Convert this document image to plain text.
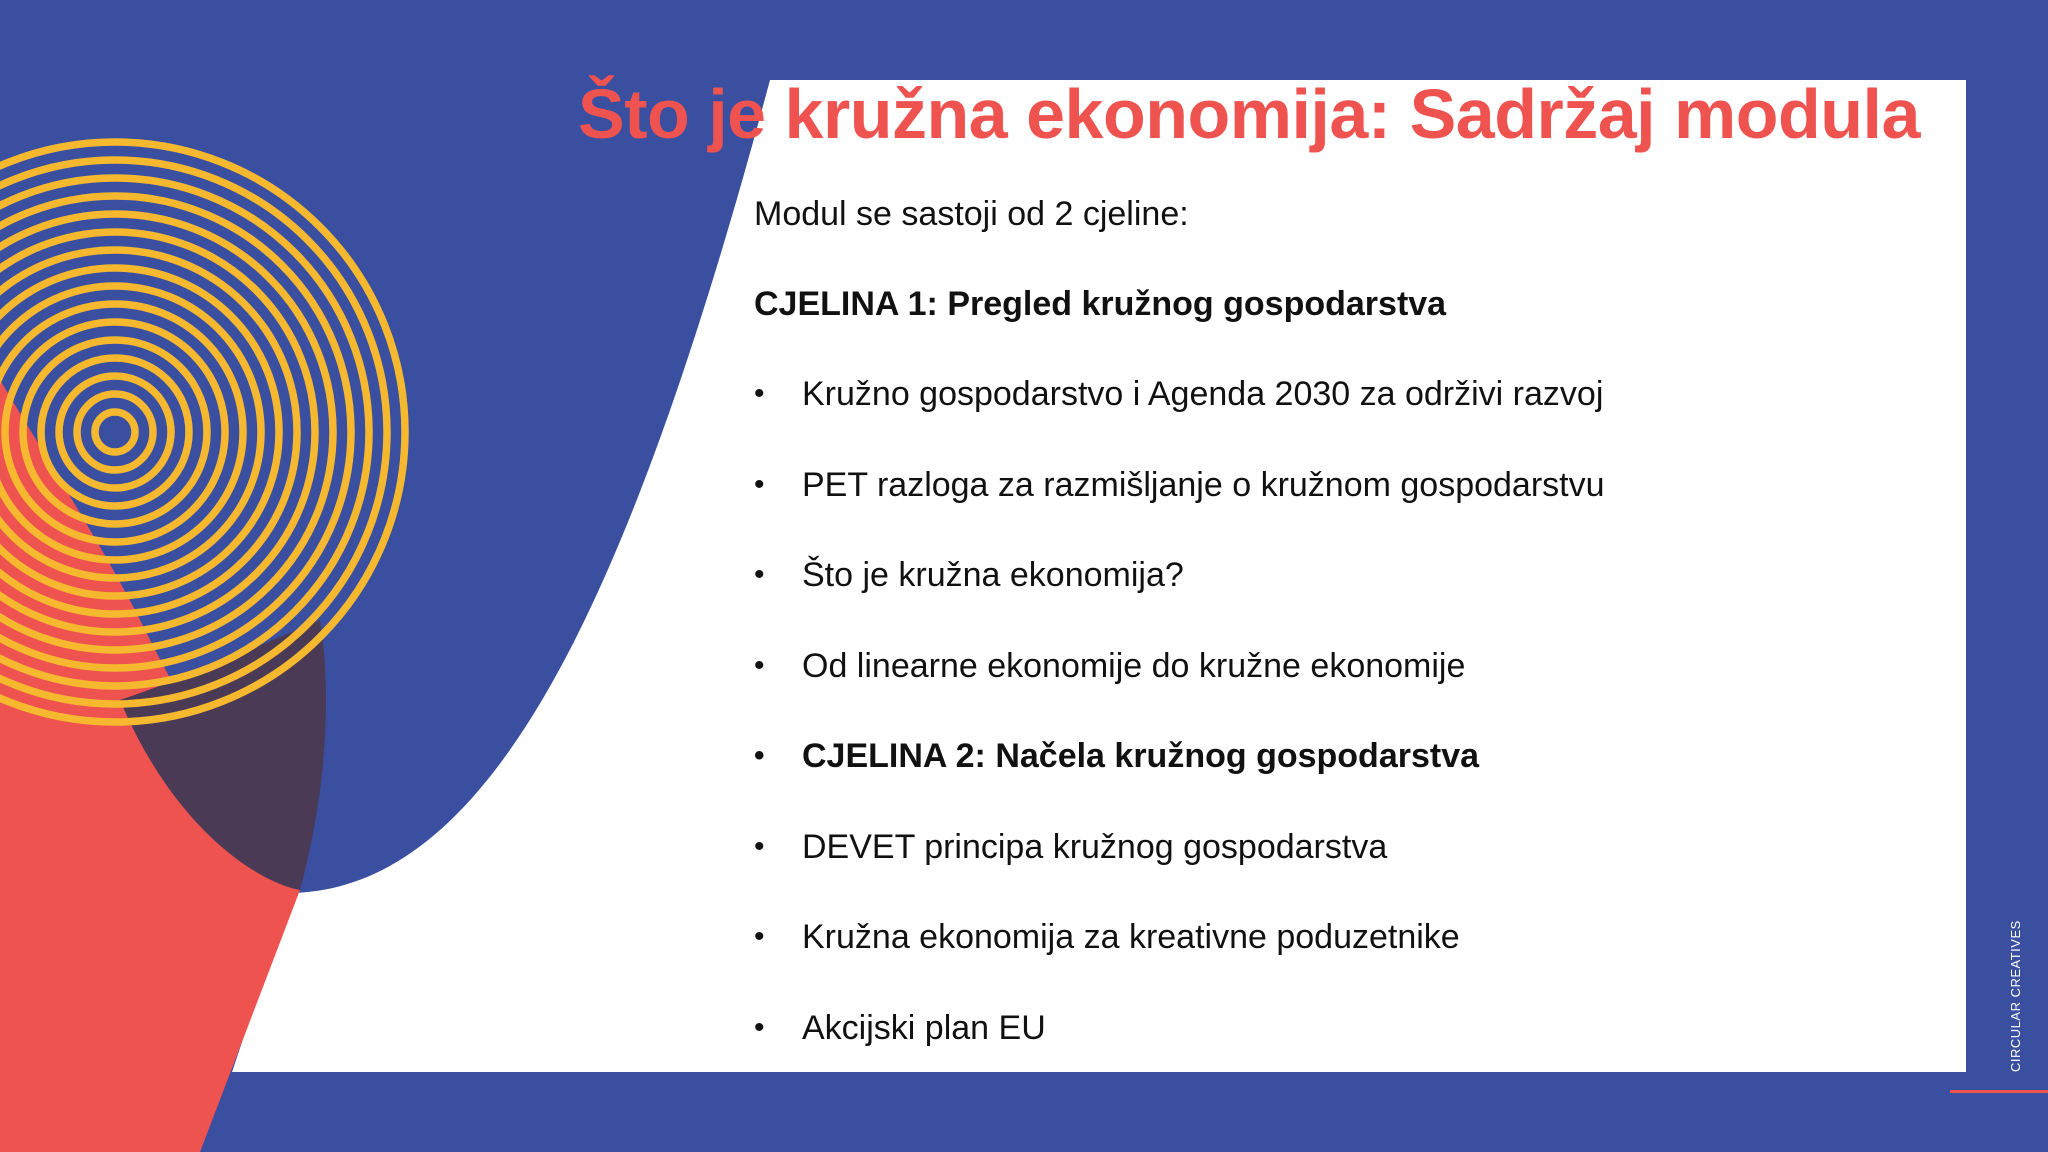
Što je kružna ekonomija: Sadržaj modula
Modul se sastoji od 2 cjeline:
CJELINA 1: Pregled kružnog gospodarstva
• Kružno gospodarstvo i Agenda 2030 za održivi razvoj
• PET razloga za razmišljanje o kružnom gospodarstvu
• Što je kružna ekonomija?
• Od linearne ekonomije do kružne ekonomije
• CJELINA 2: Načela kružnog gospodarstva
• DEVET principa kružnog gospodarstva
• Kružna ekonomija za kreativne poduzetnike
• Akcijski plan EU	CIRCULAR CREATIVES
